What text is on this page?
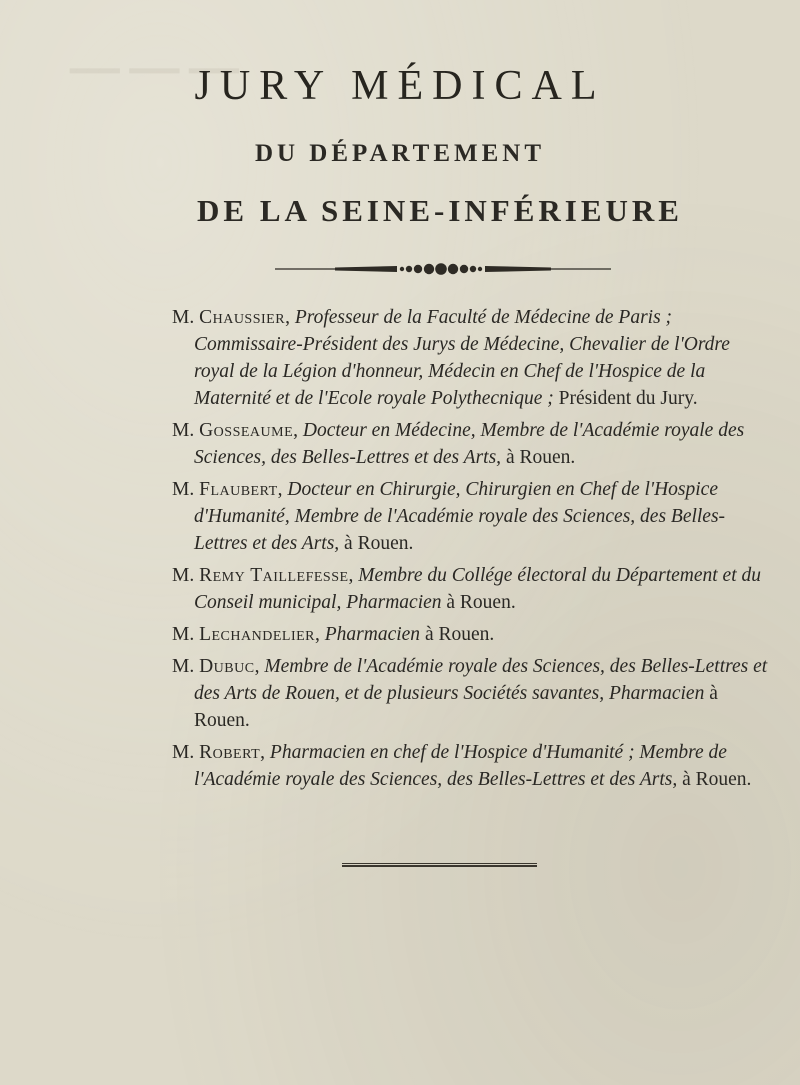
───
JURY MÉDICAL
DU DÉPARTEMENT
DE LA SEINE-INFÉRIEURE
M. Chaussier, Professeur de la Faculté de Médecine de Paris ; Commissaire-Président des Jurys de Médecine, Chevalier de l'Ordre royal de la Légion d'honneur, Médecin en Chef de l'Hospice de la Maternité et de l'Ecole royale Polythecnique ; Président du Jury.
M. Gosseaume, Docteur en Médecine, Membre de l'Académie royale des Sciences, des Belles-Lettres et des Arts, à Rouen.
M. Flaubert, Docteur en Chirurgie, Chirurgien en Chef de l'Hospice d'Humanité, Membre de l'Académie royale des Sciences, des Belles-Lettres et des Arts, à Rouen.
M. Remy Taillefesse, Membre du Collége électoral du Département et du Conseil municipal, Pharmacien à Rouen.
M. Lechandelier, Pharmacien à Rouen.
M. Dubuc, Membre de l'Académie royale des Sciences, des Belles-Lettres et des Arts de Rouen, et de plusieurs Sociétés savantes, Pharmacien à Rouen.
M. Robert, Pharmacien en chef de l'Hospice d'Humanité ; Membre de l'Académie royale des Sciences, des Belles-Lettres et des Arts, à Rouen.
